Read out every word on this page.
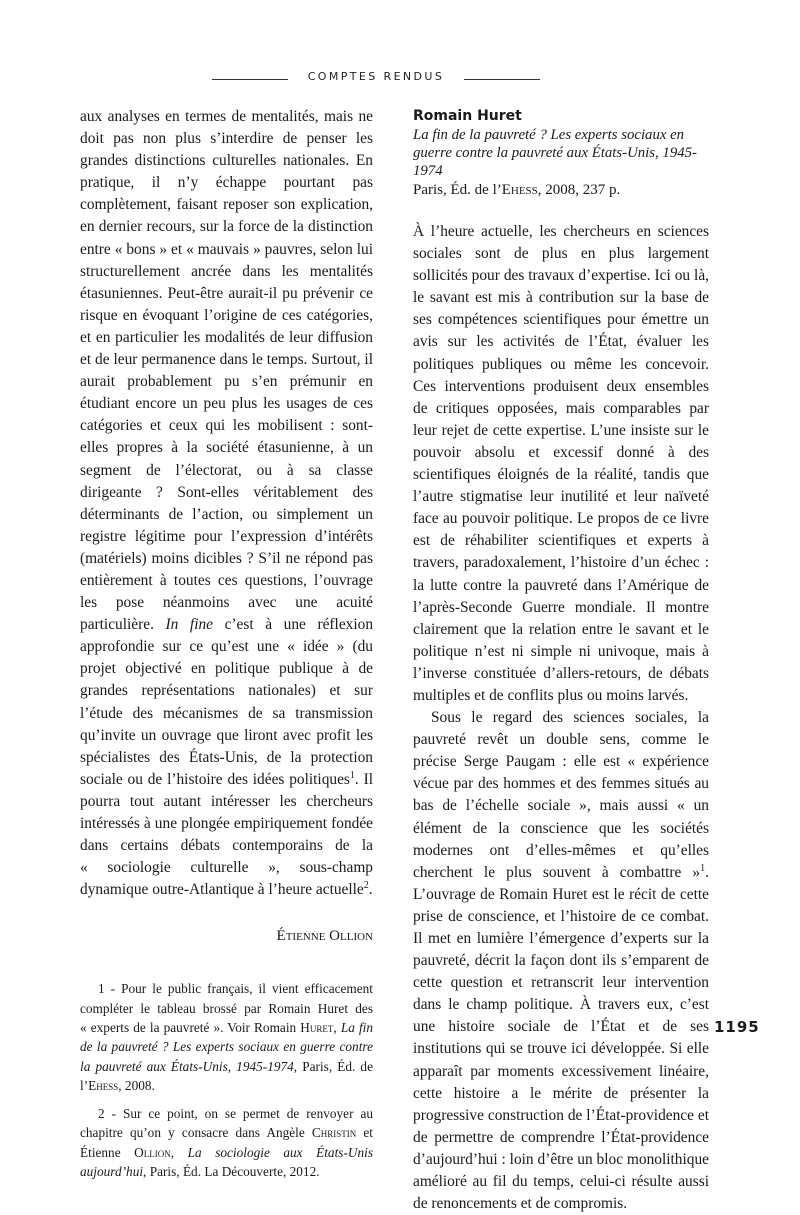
COMPTES RENDUS

aux analyses en termes de mentalités, mais ne doit pas non plus s’interdire de penser les grandes distinctions culturelles nationales. En pratique, il n’y échappe pourtant pas complètement, faisant reposer son explication, en dernier recours, sur la force de la distinction entre « bons » et « mauvais » pauvres, selon lui structurellement ancrée dans les mentalités étasuniennes. Peut-être aurait-il pu prévenir ce risque en évoquant l’origine de ces catégories, et en particulier les modalités de leur diffusion et de leur permanence dans le temps. Surtout, il aurait probablement pu s’en prémunir en étudiant encore un peu plus les usages de ces catégories et ceux qui les mobilisent : sont-elles propres à la société étasunienne, à un segment de l’électorat, ou à sa classe dirigeante ? Sont-elles véritablement des déterminants de l’action, ou simplement un registre légitime pour l’expression d’intérêts (matériels) moins dicibles ? S’il ne répond pas entièrement à toutes ces questions, l’ouvrage les pose néanmoins avec une acuité particulière. In fine c’est à une réflexion approfondie sur ce qu’est une « idée » (du projet objectivé en politique publique à de grandes représentations nationales) et sur l’étude des mécanismes de sa transmission qu’invite un ouvrage que liront avec profit les spécialistes des États-Unis, de la protection sociale ou de l’histoire des idées politiques$^1$. Il pourra tout autant intéresser les chercheurs intéressés à une plongée empiriquement fondée dans certains débats contemporains de la « sociologie culturelle », sous-champ dynamique outre-Atlantique à l’heure actuelle$^2$.

Étienne Ollion

1 - Pour le public français, il vient efficacement compléter le tableau brossé par Romain Huret des « experts de la pauvreté ». Voir Romain Huret, La fin de la pauvreté ? Les experts sociaux en guerre contre la pauvreté aux États-Unis, 1945-1974, Paris, Éd. de l’Ehess, 2008.

2 - Sur ce point, on se permet de renvoyer au chapitre qu’on y consacre dans Angèle Christin et Étienne Ollion, La sociologie aux États-Unis aujourd’hui, Paris, Éd. La Découverte, 2012.

Romain Huret
La fin de la pauvreté ? Les experts sociaux en guerre contre la pauvreté aux États-Unis, 1945-1974
Paris, Éd. de l’Ehess, 2008, 237 p.

À l’heure actuelle, les chercheurs en sciences sociales sont de plus en plus largement sollicités pour des travaux d’expertise. Ici ou là, le savant est mis à contribution sur la base de ses compétences scientifiques pour émettre un avis sur les activités de l’État, évaluer les politiques publiques ou même les concevoir. Ces interventions produisent deux ensembles de critiques opposées, mais comparables par leur rejet de cette expertise. L’une insiste sur le pouvoir absolu et excessif donné à des scientifiques éloignés de la réalité, tandis que l’autre stigmatise leur inutilité et leur naïveté face au pouvoir politique. Le propos de ce livre est de réhabiliter scientifiques et experts à travers, paradoxalement, l’histoire d’un échec : la lutte contre la pauvreté dans l’Amérique de l’après-Seconde Guerre mondiale. Il montre clairement que la relation entre le savant et le politique n’est ni simple ni univoque, mais à l’inverse constituée d’allers-retours, de débats multiples et de conflits plus ou moins larvés.

Sous le regard des sciences sociales, la pauvreté revêt un double sens, comme le précise Serge Paugam : elle est « expérience vécue par des hommes et des femmes situés au bas de l’échelle sociale », mais aussi « un élément de la conscience que les sociétés modernes ont d’elles-mêmes et qu’elles cherchent le plus souvent à combattre »$^1$. L’ouvrage de Romain Huret est le récit de cette prise de conscience, et l’histoire de ce combat. Il met en lumière l’émergence d’experts sur la pauvreté, décrit la façon dont ils s’emparent de cette question et retranscrit leur intervention dans le champ politique. À travers eux, c’est une histoire sociale de l’État et de ses institutions qui se trouve ici développée. Si elle apparaît par moments excessivement linéaire, cette histoire a le mérite de présenter la progressive construction de l’État-providence et de permettre de comprendre l’État-providence d’aujourd’hui : loin d’être un bloc monolithique amélioré au fil du temps, celui-ci résulte aussi de renoncements et de compromis.

1195
